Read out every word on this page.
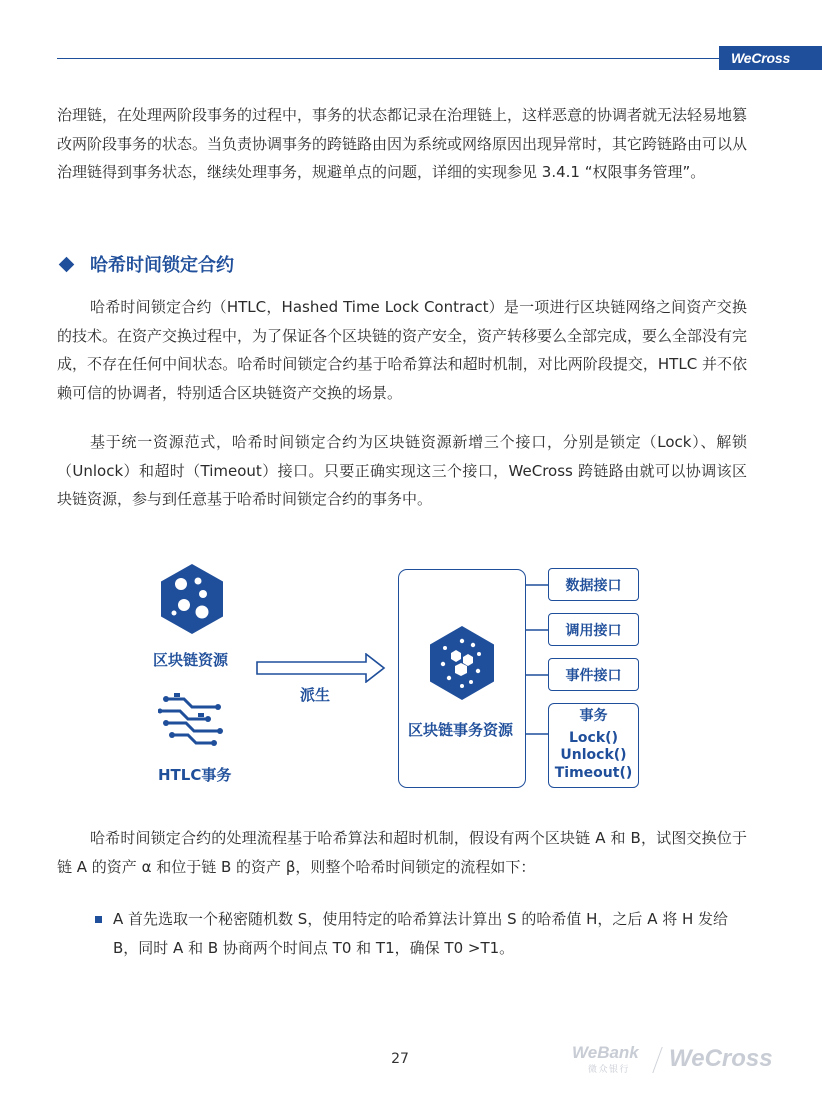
WeCross

治理链，在处理两阶段事务的过程中，事务的状态都记录在治理链上，这样恶意的协调者就无法轻易地篡改两阶段事务的状态。当负责协调事务的跨链路由因为系统或网络原因出现异常时，其它跨链路由可以从治理链得到事务状态，继续处理事务，规避单点的问题，详细的实现参见 3.4.1 “权限事务管理”。

哈希时间锁定合约

哈希时间锁定合约（HTLC，Hashed Time Lock Contract）是一项进行区块链网络之间资产交换的技术。在资产交换过程中，为了保证各个区块链的资产安全，资产转移要么全部完成，要么全部没有完成，不存在任何中间状态。哈希时间锁定合约基于哈希算法和超时机制，对比两阶段提交，HTLC 并不依赖可信的协调者，特别适合区块链资产交换的场景。

基于统一资源范式，哈希时间锁定合约为区块链资源新增三个接口，分别是锁定（Lock）、解锁（Unlock）和超时（Timeout）接口。只要正确实现这三个接口，WeCross 跨链路由就可以协调该区块链资源，参与到任意基于哈希时间锁定合约的事务中。

区块链资源
HTLC事务
派生
区块链事务资源
数据接口
调用接口
事件接口
事务
Lock()
Unlock()
Timeout()

哈希时间锁定合约的处理流程基于哈希算法和超时机制，假设有两个区块链 A 和 B，试图交换位于链 A 的资产 α 和位于链 B 的资产 β，则整个哈希时间锁定的流程如下：

A 首先选取一个秘密随机数 S，使用特定的哈希算法计算出 S 的哈希值 H，之后 A 将 H 发给 B，同时 A 和 B 协商两个时间点 T0 和 T1，确保 T0 >T1。
27	WeBank
微众银行 WeCross
